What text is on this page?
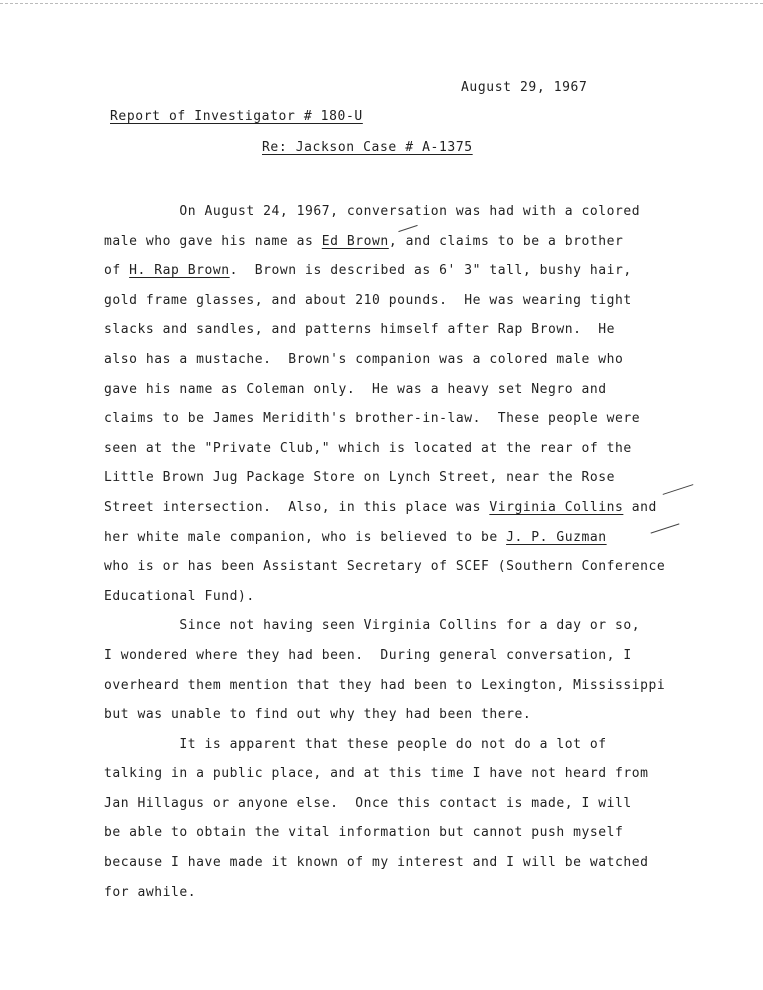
August 29, 1967
Report of Investigator # 180-U
Re: Jackson Case # A-1375
On August 24, 1967, conversation was had with a colored
male who gave his name as Ed Brown, and claims to be a brother
of H. Rap Brown.  Brown is described as 6' 3" tall, bushy hair,
gold frame glasses, and about 210 pounds.  He was wearing tight
slacks and sandles, and patterns himself after Rap Brown.  He
also has a mustache.  Brown's companion was a colored male who
gave his name as Coleman only.  He was a heavy set Negro and
claims to be James Meridith's brother-in-law.  These people were
seen at the "Private Club," which is located at the rear of the
Little Brown Jug Package Store on Lynch Street, near the Rose
Street intersection.  Also, in this place was Virginia Collins and
her white male companion, who is believed to be J. P. Guzman
who is or has been Assistant Secretary of SCEF (Southern Conference
Educational Fund).
Since not having seen Virginia Collins for a day or so,
I wondered where they had been.  During general conversation, I
overheard them mention that they had been to Lexington, Mississippi
but was unable to find out why they had been there.
It is apparent that these people do not do a lot of
talking in a public place, and at this time I have not heard from
Jan Hillagus or anyone else.  Once this contact is made, I will
be able to obtain the vital information but cannot push myself
because I have made it known of my interest and I will be watched
for awhile.
